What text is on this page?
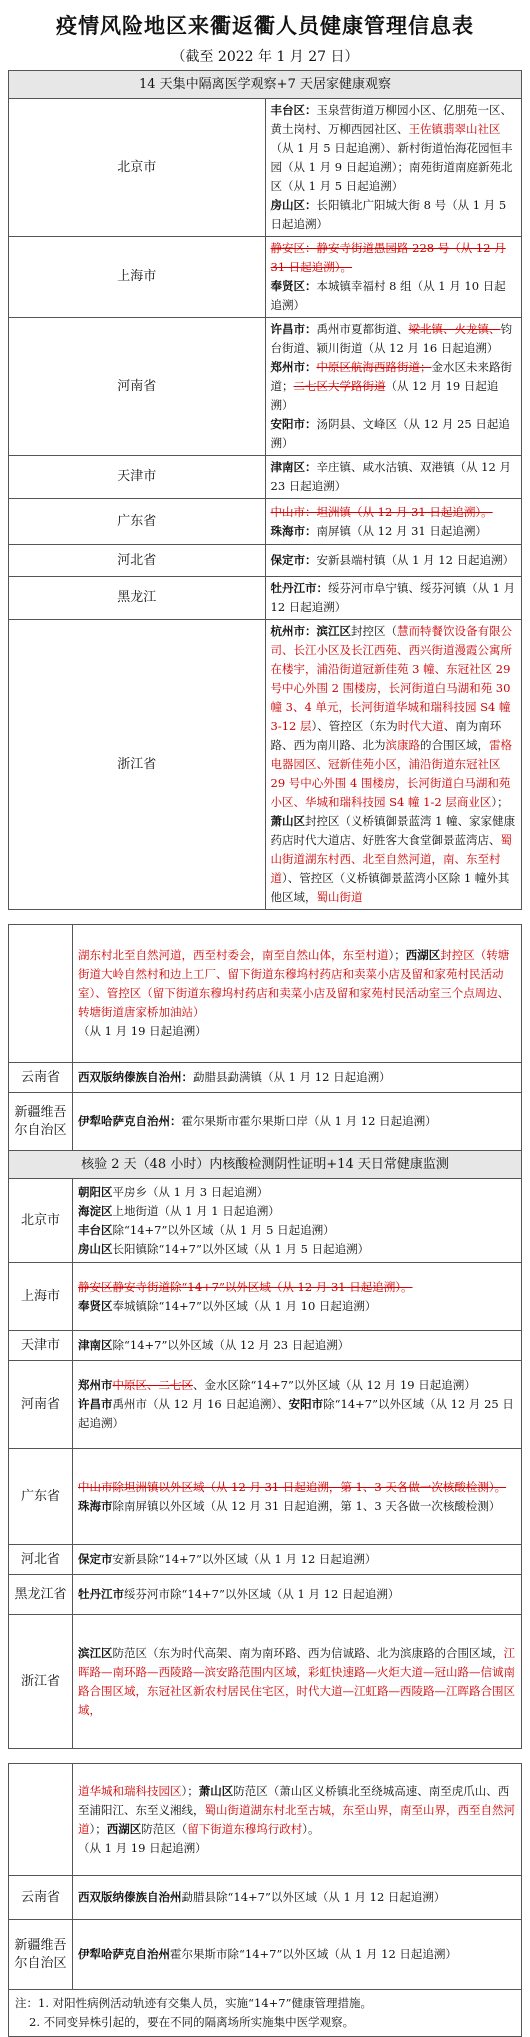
疫情风险地区来衢返衢人员健康管理信息表
（截至 2022 年 1 月 27 日）
14 天集中隔离医学观察+7 天居家健康观察	
北京市	丰台区：玉泉营街道万柳园小区、亿朋苑一区、黄土岗村、万柳西园社区、王佐镇翡翠山社区（从 1 月 5 日起追溯）、新村街道怡海花园恒丰园（从 1 月 9 日起追溯）；南苑街道南庭新苑北区（从 1 月 5 日起追溯）
房山区：长阳镇北广阳城大街 8 号（从 1 月 5 日起追溯）
上海市	静安区：静安寺街道愚园路 228 号（从 12 月 31 日起追溯）。
奉贤区：本城镇幸福村 8 组（从 1 月 10 日起追溯）
河南省	许昌市：禹州市夏都街道、梁北镇、火龙镇、钧台街道、颍川街道（从 12 月 16 日起追溯）
郑州市：中原区航海西路街道；金水区未来路街道；二七区大学路街道（从 12 月 19 日起追溯）
安阳市：汤阴县、文峰区（从 12 月 25 日起追溯）
天津市	津南区：辛庄镇、咸水沽镇、双港镇（从 12 月 23 日起追溯）
广东省	中山市：坦洲镇（从 12 月 31 日起追溯）。
珠海市：南屏镇（从 12 月 31 日起追溯）
河北省	保定市：安新县端村镇（从 1 月 12 日起追溯）
黑龙江	牡丹江市：绥芬河市阜宁镇、绥芬河镇（从 1 月 12 日起追溯）
浙江省	杭州市：滨江区封控区（慧而特餐饮设备有限公司、长江小区及长江西苑、西兴街道漫霞公寓所在楼宇，浦沿街道冠新佳苑 3 幢、东冠社区 29 号中心外围 2 围楼房，长河街道白马湖和苑 30 幢 3、4 单元，长河街道华城和瑞科技园 S4 幢 3-12 层）、管控区（东为时代大道、南为南环路、西为南川路、北为滨康路的合围区域，雷格电器园区、冠新佳苑小区，浦沿街道东冠社区 29 号中心外围 4 围楼房，长河街道白马湖和苑小区、华城和瑞科技园 S4 幢 1-2 层商业区）；萧山区封控区（义桥镇御景蓝湾 1 幢、家家健康药店时代大道店、好胜客大食堂御景蓝湾店、蜀山街道湖东村西、北至自然河道，南、东至村道）、管控区（义桥镇御景蓝湾小区除 1 幢外其他区域，蜀山街道
	湖东村北至自然河道，西至村委会，南至自然山体，东至村道）；西湖区封控区（转塘街道大岭自然村和边上工厂、留下街道东穆坞村药店和卖菜小店及留和家苑村民活动室）、管控区（留下街道东穆坞村药店和卖菜小店及留和家苑村民活动室三个点周边、转塘街道唐家桥加油站）
（从 1 月 19 日起追溯）
云南省	西双版纳傣族自治州：勐腊县勐满镇（从 1 月 12 日起追溯）
新疆维吾尔自治区	伊犁哈萨克自治州：霍尔果斯市霍尔果斯口岸（从 1 月 12 日起追溯）
核验 2 天（48 小时）内核酸检测阴性证明+14 天日常健康监测	
北京市	朝阳区平房乡（从 1 月 3 日起追溯）
海淀区上地街道（从 1 月 1 日起追溯）
丰台区除“14+7”以外区域（从 1 月 5 日起追溯）
房山区长阳镇除“14+7”以外区域（从 1 月 5 日起追溯）
上海市	静安区静安寺街道除“14+7”以外区域（从 12 月 31 日起追溯）。
奉贤区奉城镇除“14+7”以外区域（从 1 月 10 日起追溯）
天津市	津南区除“14+7”以外区域（从 12 月 23 日起追溯）
河南省	郑州市中原区、二七区、金水区除“14+7”以外区域（从 12 月 19 日起追溯）
许昌市禹州市（从 12 月 16 日起追溯）、安阳市除“14+7”以外区域（从 12 月 25 日起追溯）
广东省	中山市除坦洲镇以外区域（从 12 月 31 日起追溯，第 1、3 天各做一次核酸检测）。
珠海市除南屏镇以外区域（从 12 月 31 日起追溯，第 1、3 天各做一次核酸检测）
河北省	保定市安新县除“14+7”以外区域（从 1 月 12 日起追溯）
黑龙江省	牡丹江市绥芬河市除“14+7”以外区域（从 1 月 12 日起追溯）
浙江省	滨江区防范区（东为时代高架、南为南环路、西为信诚路、北为滨康路的合围区域，江晖路—南环路—西陵路—滨安路范围内区域，彩虹快速路—火炬大道—冠山路—信诚南路合围区域，东冠社区新农村居民住宅区，时代大道—江虹路—西陵路—江晖路合围区域，
	道华城和瑞科技园区）；萧山区防范区（萧山区义桥镇北至绕城高速、南至虎爪山、西至浦阳江、东至义湘线，蜀山街道湖东村北至古城，东至山界，南至山界，西至自然河道）；西湖区防范区（留下街道东穆坞行政村）。
（从 1 月 19 日起追溯）
云南省	西双版纳傣族自治州勐腊县除“14+7”以外区域（从 1 月 12 日起追溯）
新疆维吾尔自治区	伊犁哈萨克自治州霍尔果斯市除“14+7”以外区域（从 1 月 12 日起追溯）

注：1. 对阳性病例活动轨迹有交集人员，实施“14+7”健康管理措施。
2. 不同变异株引起的，要在不同的隔离场所实施集中医学观察。	
